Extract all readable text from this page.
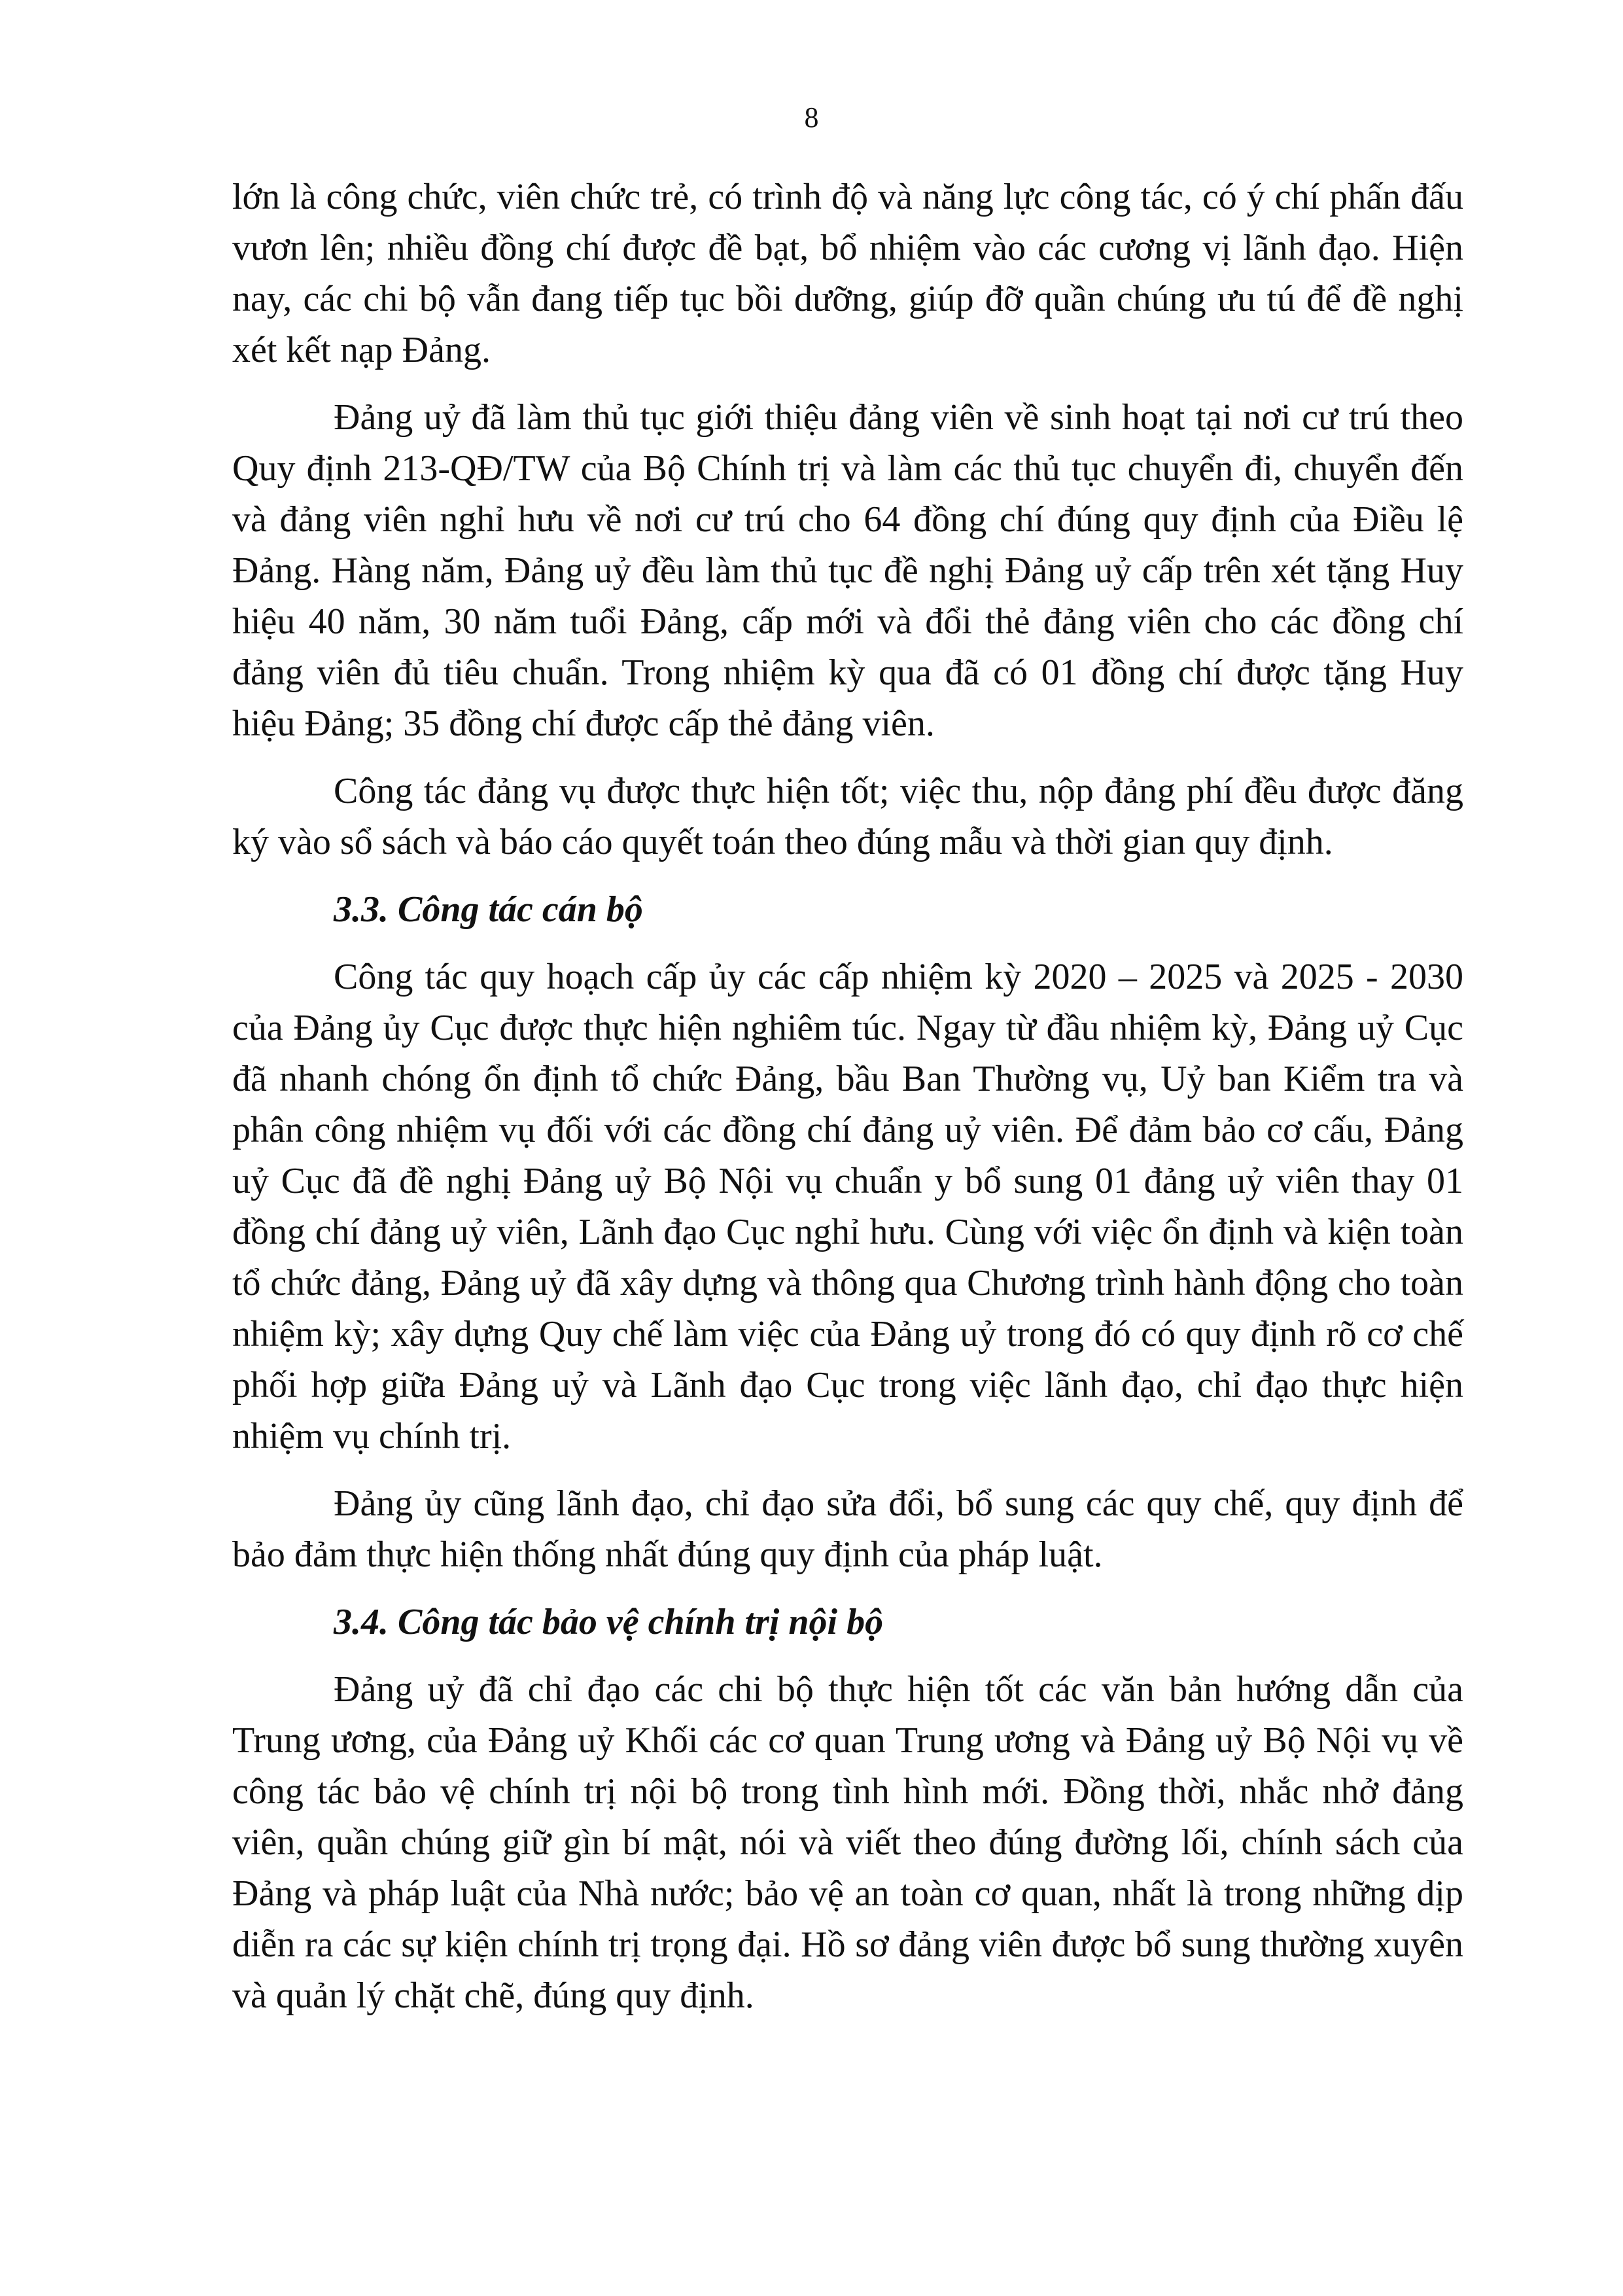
8

lớn là công chức, viên chức trẻ, có trình độ và năng lực công tác, có ý chí phấn đấu vươn lên; nhiều đồng chí được đề bạt, bổ nhiệm vào các cương vị lãnh đạo. Hiện nay, các chi bộ vẫn đang tiếp tục bồi dưỡng, giúp đỡ quần chúng ưu tú để đề nghị xét kết nạp Đảng.

Đảng uỷ đã làm thủ tục giới thiệu đảng viên về sinh hoạt tại nơi cư trú theo Quy định 213-QĐ/TW của Bộ Chính trị và làm các thủ tục chuyển đi, chuyển đến và đảng viên nghỉ hưu về nơi cư trú cho 64 đồng chí đúng quy định của Điều lệ Đảng. Hàng năm, Đảng uỷ đều làm thủ tục đề nghị Đảng uỷ cấp trên xét tặng Huy hiệu 40 năm, 30 năm tuổi Đảng, cấp mới và đổi thẻ đảng viên cho các đồng chí đảng viên đủ tiêu chuẩn. Trong nhiệm kỳ qua đã có 01 đồng chí được tặng Huy hiệu Đảng; 35 đồng chí được cấp thẻ đảng viên.

Công tác đảng vụ được thực hiện tốt; việc thu, nộp đảng phí đều được đăng ký vào sổ sách và báo cáo quyết toán theo đúng mẫu và thời gian quy định.

3.3. Công tác cán bộ

Công tác quy hoạch cấp ủy các cấp nhiệm kỳ 2020 – 2025 và 2025 - 2030 của Đảng ủy Cục được thực hiện nghiêm túc. Ngay từ đầu nhiệm kỳ, Đảng uỷ Cục đã nhanh chóng ổn định tổ chức Đảng, bầu Ban Thường vụ, Uỷ ban Kiểm tra và phân công nhiệm vụ đối với các đồng chí đảng uỷ viên. Để đảm bảo cơ cấu, Đảng uỷ Cục đã đề nghị Đảng uỷ Bộ Nội vụ chuẩn y bổ sung 01 đảng uỷ viên thay 01 đồng chí đảng uỷ viên, Lãnh đạo Cục nghỉ hưu. Cùng với việc ổn định và kiện toàn tổ chức đảng, Đảng uỷ đã xây dựng và thông qua Chương trình hành động cho toàn nhiệm kỳ; xây dựng Quy chế làm việc của Đảng uỷ trong đó có quy định rõ cơ chế phối hợp giữa Đảng uỷ và Lãnh đạo Cục trong việc lãnh đạo, chỉ đạo thực hiện nhiệm vụ chính trị.

Đảng ủy cũng lãnh đạo, chỉ đạo sửa đổi, bổ sung các quy chế, quy định để bảo đảm thực hiện thống nhất đúng quy định của pháp luật.

3.4. Công tác bảo vệ chính trị nội bộ

Đảng uỷ đã chỉ đạo các chi bộ thực hiện tốt các văn bản hướng dẫn của Trung ương, của Đảng uỷ Khối các cơ quan Trung ương và Đảng uỷ Bộ Nội vụ về công tác bảo vệ chính trị nội bộ trong tình hình mới. Đồng thời, nhắc nhở đảng viên, quần chúng giữ gìn bí mật, nói và viết theo đúng đường lối, chính sách của Đảng và pháp luật của Nhà nước; bảo vệ an toàn cơ quan, nhất là trong những dịp diễn ra các sự kiện chính trị trọng đại. Hồ sơ đảng viên được bổ sung thường xuyên và quản lý chặt chẽ, đúng quy định.
